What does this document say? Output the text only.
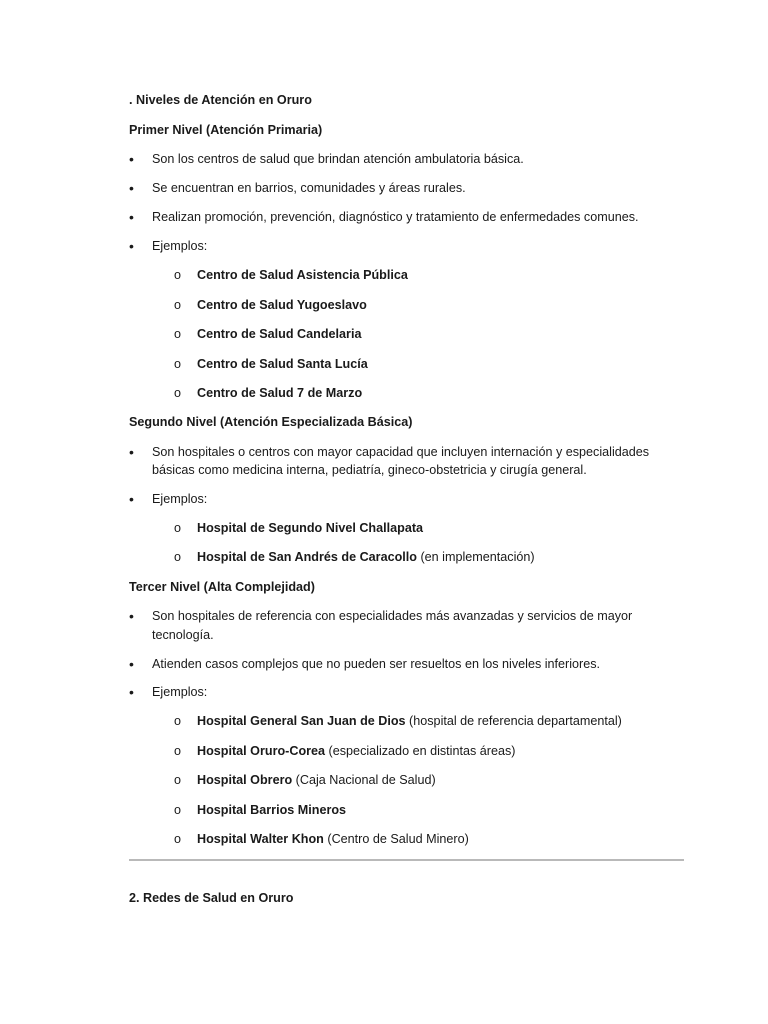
. Niveles de Atención en Oruro
Primer Nivel (Atención Primaria)
• Son los centros de salud que brindan atención ambulatoria básica.
• Se encuentran en barrios, comunidades y áreas rurales.
• Realizan promoción, prevención, diagnóstico y tratamiento de enfermedades comunes.
• Ejemplos:
o Centro de Salud Asistencia Pública
o Centro de Salud Yugoeslavo
o Centro de Salud Candelaria
o Centro de Salud Santa Lucía
o Centro de Salud 7 de Marzo
Segundo Nivel (Atención Especializada Básica)
• Son hospitales o centros con mayor capacidad que incluyen internación y especialidades
básicas como medicina interna, pediatría, gineco-obstetricia y cirugía general.
• Ejemplos:
o Hospital de Segundo Nivel Challapata
o Hospital de San Andrés de Caracollo (en implementación)
Tercer Nivel (Alta Complejidad)
• Son hospitales de referencia con especialidades más avanzadas y servicios de mayor
tecnología.
• Atienden casos complejos que no pueden ser resueltos en los niveles inferiores.
• Ejemplos:
o Hospital General San Juan de Dios (hospital de referencia departamental)
o Hospital Oruro-Corea (especializado en distintas áreas)
o Hospital Obrero (Caja Nacional de Salud)
o Hospital Barrios Mineros
o Hospital Walter Khon (Centro de Salud Minero)
2. Redes de Salud en Oruro
